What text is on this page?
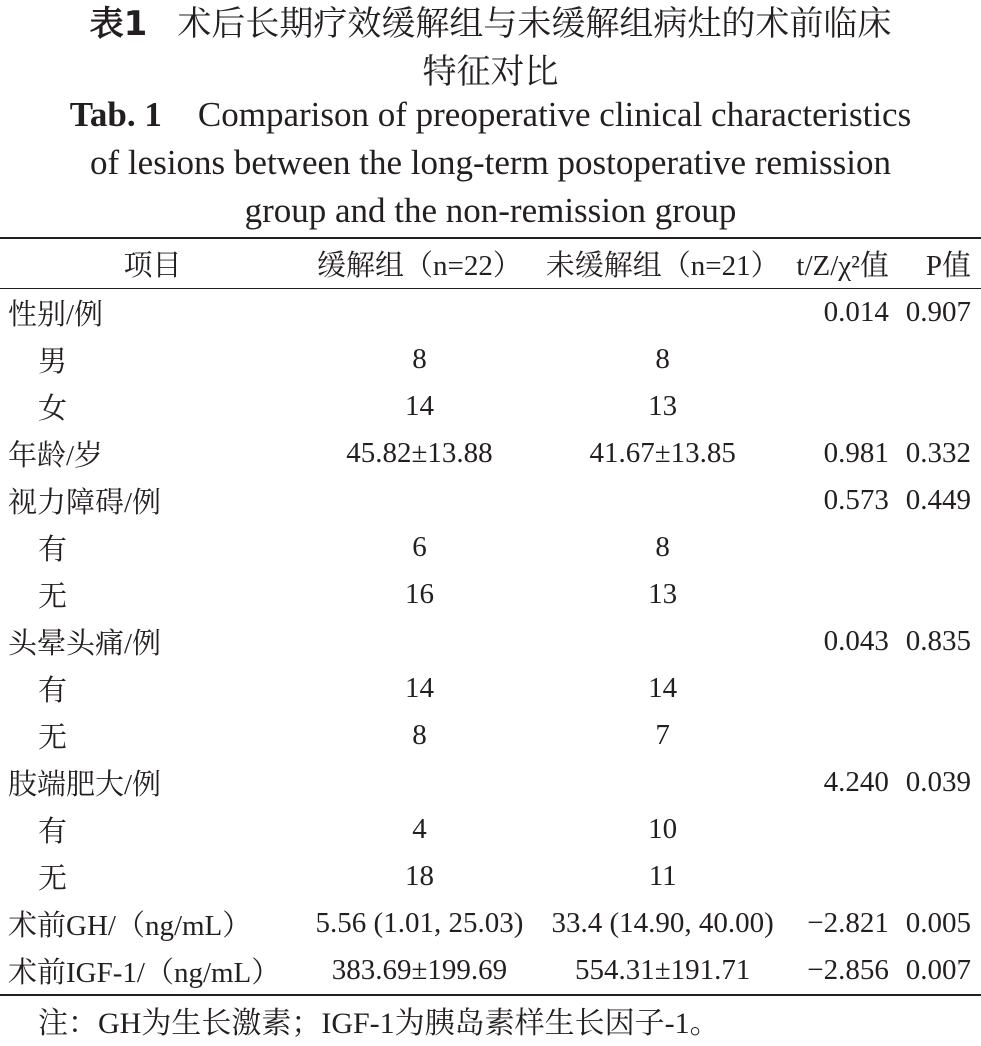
表1 术后长期疗效缓解组与未缓解组病灶的术前临床
特征对比
Tab. 1 Comparison of preoperative clinical characteristics
of lesions between the long-term postoperative remission
group and the non-remission group
项目	缓解组（n=22）	未缓解组（n=21）	t/Z/χ²值	P值
性别/例			0.014	0.907
男	8	8		
女	14	13		
年龄/岁	45.82±13.88	41.67±13.85	0.981	0.332
视力障碍/例			0.573	0.449
有	6	8		
无	16	13		
头晕头痛/例			0.043	0.835
有	14	14		
无	8	7		
肢端肥大/例			4.240	0.039
有	4	10		
无	18	11		
术前GH/（ng/mL）	5.56 (1.01, 25.03)	33.4 (14.90, 40.00)	−2.821	0.005
术前IGF-1/（ng/mL）	383.69±199.69	554.31±191.71	−2.856	0.007
注：GH为生长激素；IGF-1为胰岛素样生长因子-1。
